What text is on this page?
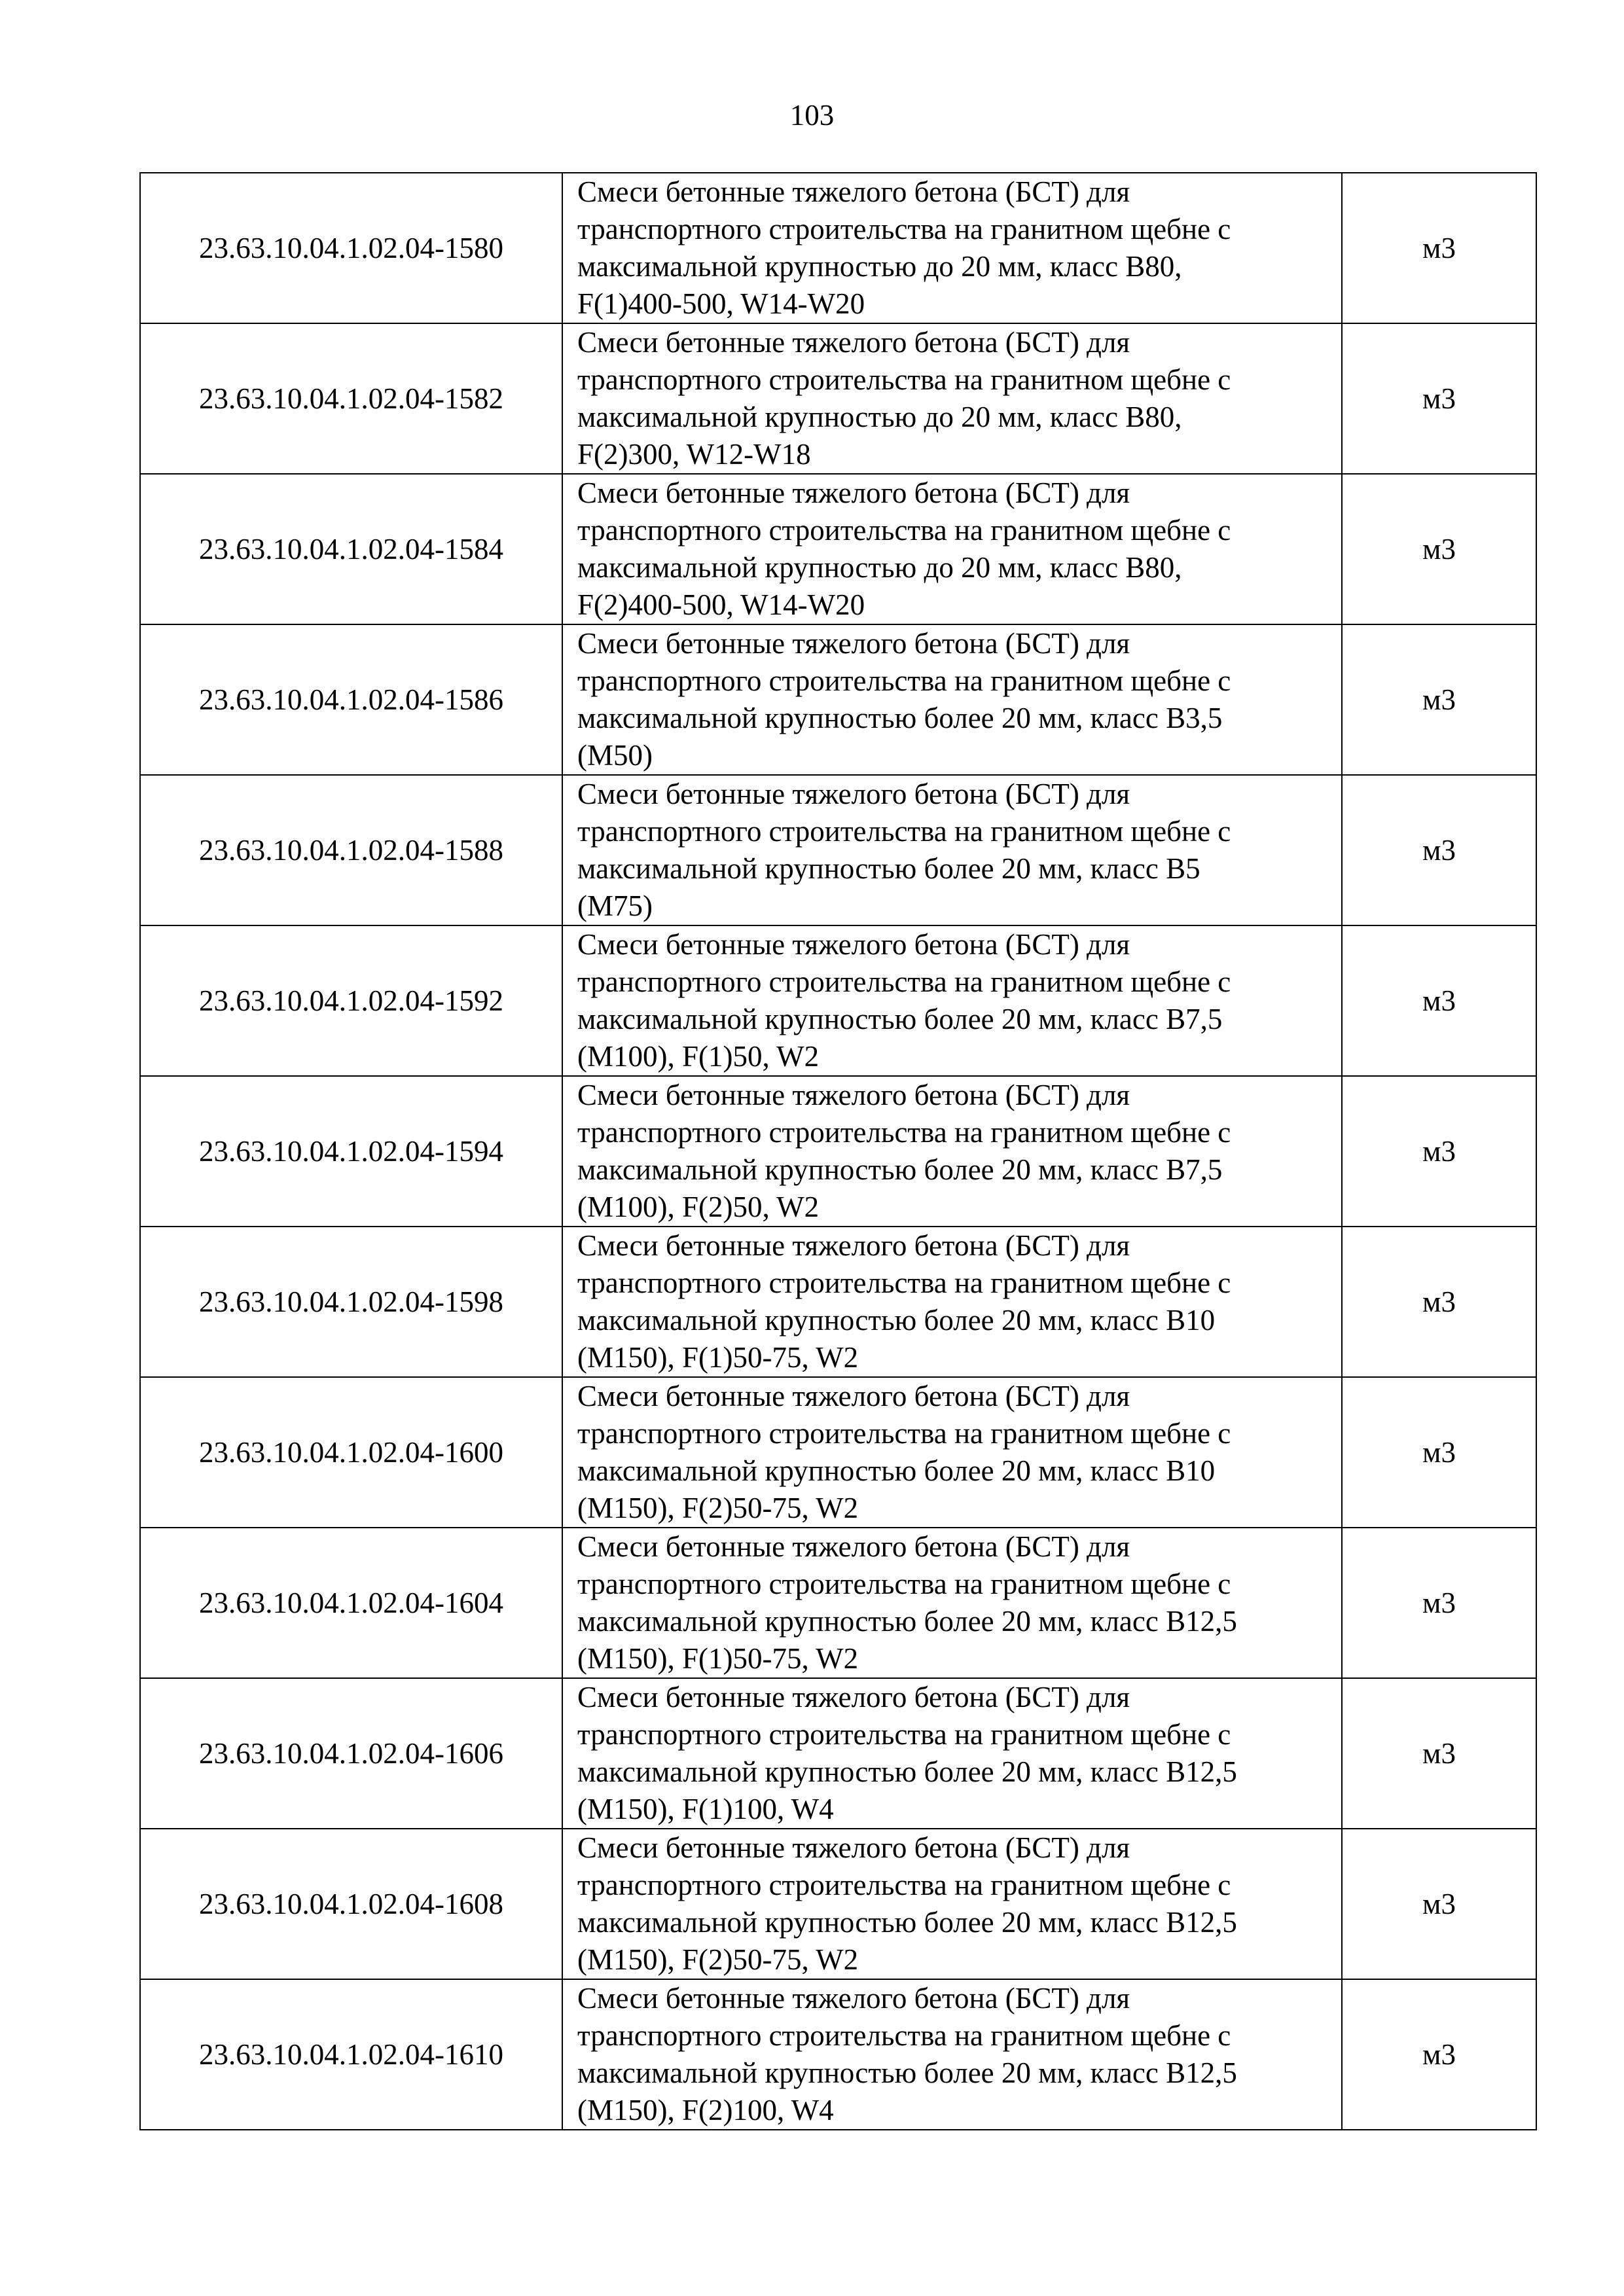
103
23.63.10.04.1.02.04-1580	Смеси бетонные тяжелого бетона (БСТ) для
транспортного строительства на гранитном щебне с
максимальной крупностью до 20 мм, класс В80,
F(1)400-500, W14-W20	м3
23.63.10.04.1.02.04-1582	Смеси бетонные тяжелого бетона (БСТ) для
транспортного строительства на гранитном щебне с
максимальной крупностью до 20 мм, класс В80,
F(2)300, W12-W18	м3
23.63.10.04.1.02.04-1584	Смеси бетонные тяжелого бетона (БСТ) для
транспортного строительства на гранитном щебне с
максимальной крупностью до 20 мм, класс В80,
F(2)400-500, W14-W20	м3
23.63.10.04.1.02.04-1586	Смеси бетонные тяжелого бетона (БСТ) для
транспортного строительства на гранитном щебне с
максимальной крупностью более 20 мм, класс В3,5
(М50)	м3
23.63.10.04.1.02.04-1588	Смеси бетонные тяжелого бетона (БСТ) для
транспортного строительства на гранитном щебне с
максимальной крупностью более 20 мм, класс В5
(М75)	м3
23.63.10.04.1.02.04-1592	Смеси бетонные тяжелого бетона (БСТ) для
транспортного строительства на гранитном щебне с
максимальной крупностью более 20 мм, класс В7,5
(М100), F(1)50, W2	м3
23.63.10.04.1.02.04-1594	Смеси бетонные тяжелого бетона (БСТ) для
транспортного строительства на гранитном щебне с
максимальной крупностью более 20 мм, класс В7,5
(М100), F(2)50, W2	м3
23.63.10.04.1.02.04-1598	Смеси бетонные тяжелого бетона (БСТ) для
транспортного строительства на гранитном щебне с
максимальной крупностью более 20 мм, класс В10
(М150), F(1)50-75, W2	м3
23.63.10.04.1.02.04-1600	Смеси бетонные тяжелого бетона (БСТ) для
транспортного строительства на гранитном щебне с
максимальной крупностью более 20 мм, класс В10
(М150), F(2)50-75, W2	м3
23.63.10.04.1.02.04-1604	Смеси бетонные тяжелого бетона (БСТ) для
транспортного строительства на гранитном щебне с
максимальной крупностью более 20 мм, класс В12,5
(М150), F(1)50-75, W2	м3
23.63.10.04.1.02.04-1606	Смеси бетонные тяжелого бетона (БСТ) для
транспортного строительства на гранитном щебне с
максимальной крупностью более 20 мм, класс В12,5
(М150), F(1)100, W4	м3
23.63.10.04.1.02.04-1608	Смеси бетонные тяжелого бетона (БСТ) для
транспортного строительства на гранитном щебне с
максимальной крупностью более 20 мм, класс В12,5
(М150), F(2)50-75, W2	м3
23.63.10.04.1.02.04-1610	Смеси бетонные тяжелого бетона (БСТ) для
транспортного строительства на гранитном щебне с
максимальной крупностью более 20 мм, класс В12,5
(М150), F(2)100, W4	м3
